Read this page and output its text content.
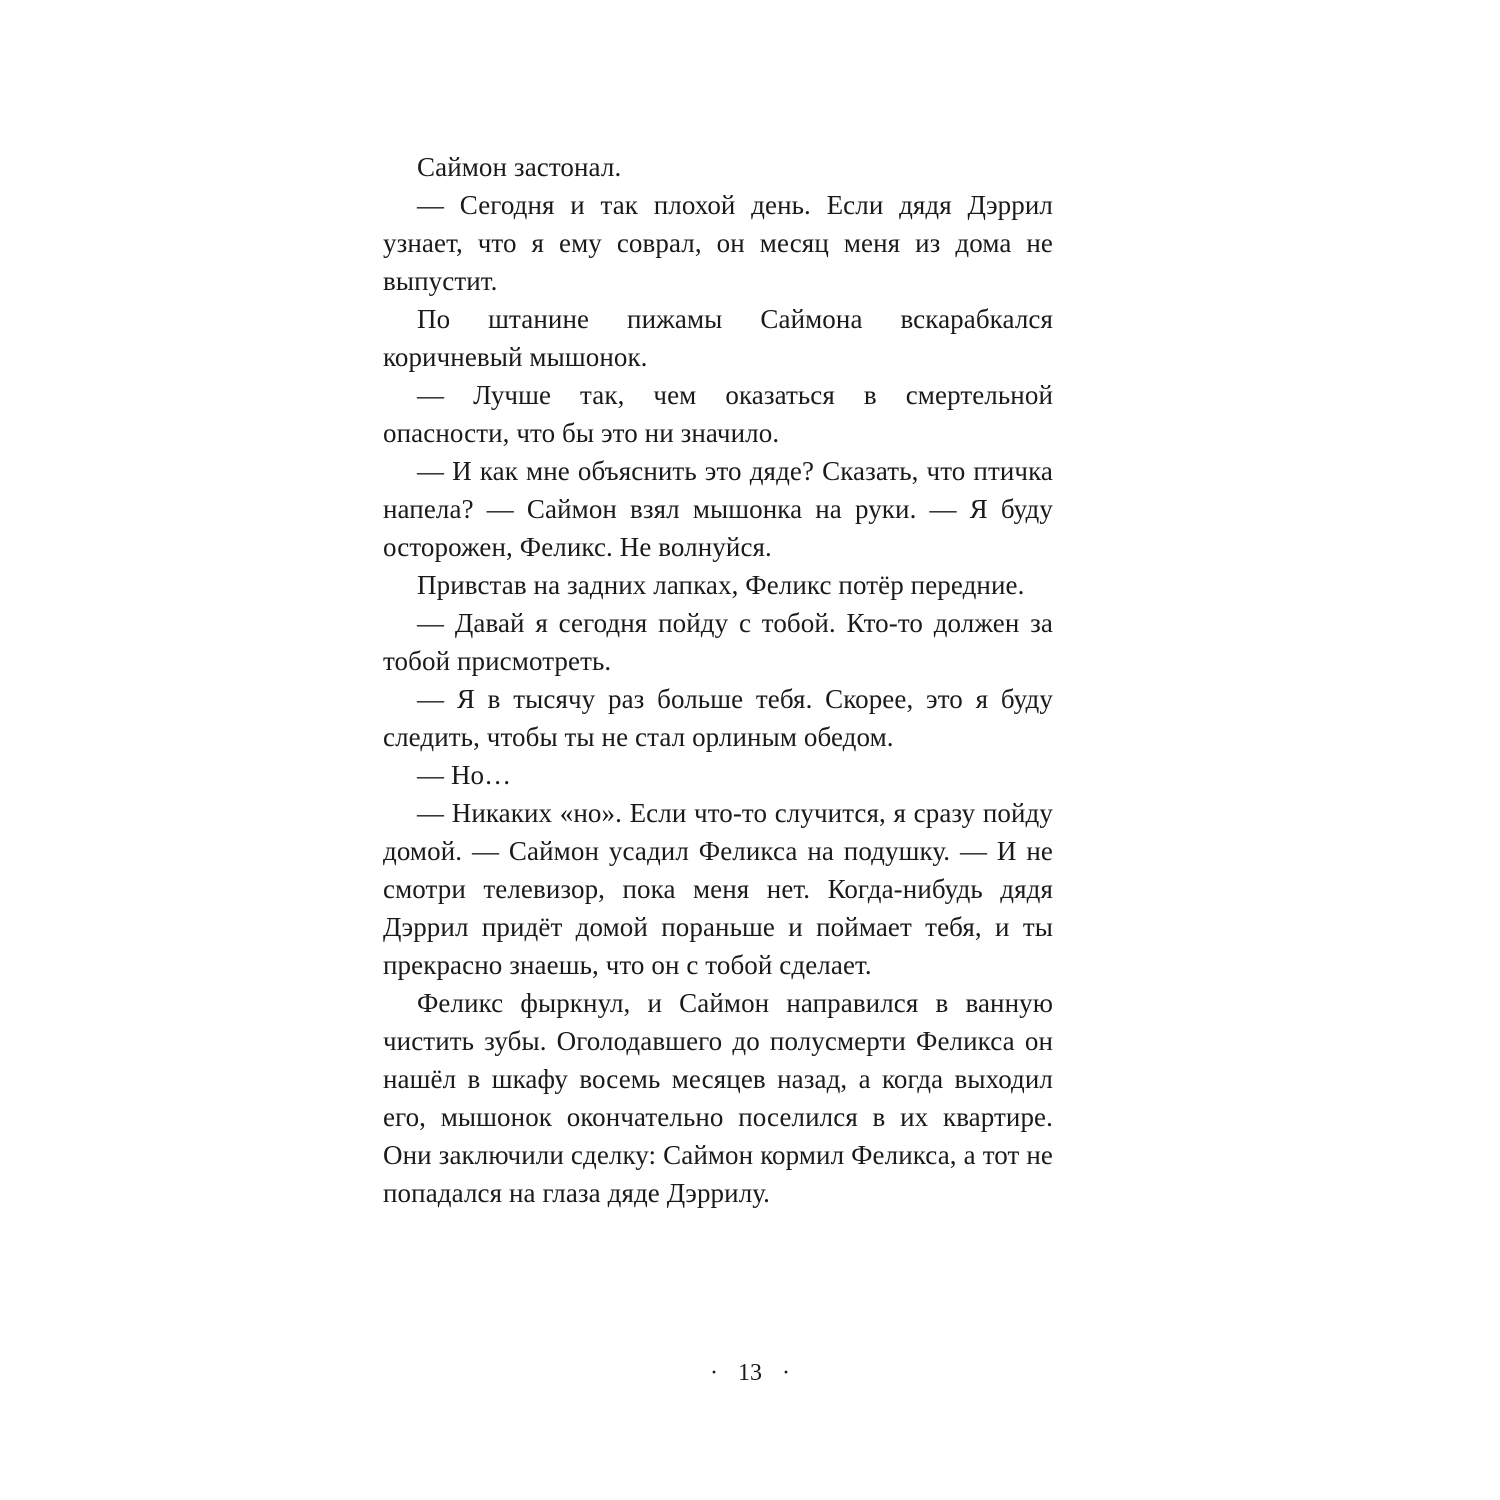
Саймон застонал.

— Сегодня и так плохой день. Если дядя Дэррил узнает, что я ему соврал, он месяц меня из дома не выпустит.

По штанине пижамы Саймона вскарабкался коричневый мышонок.

— Лучше так, чем оказаться в смертельной опасности, что бы это ни значило.

— И как мне объяснить это дяде? Сказать, что птичка напела? — Саймон взял мышонка на руки. — Я буду осторожен, Феликс. Не волнуйся.

Привстав на задних лапках, Феликс потёр передние.

— Давай я сегодня пойду с тобой. Кто-то должен за тобой присмотреть.

— Я в тысячу раз больше тебя. Скорее, это я буду следить, чтобы ты не стал орлиным обедом.

— Но…

— Никаких «но». Если что-то случится, я сразу пойду домой. — Саймон усадил Феликса на подушку. — И не смотри телевизор, пока меня нет. Когда-нибудь дядя Дэррил придёт домой пораньше и поймает тебя, и ты прекрасно знаешь, что он с тобой сделает.

Феликс фыркнул, и Саймон направился в ванную чистить зубы. Оголодавшего до полусмерти Феликса он нашёл в шкафу восемь месяцев назад, а когда выходил его, мышонок окончательно поселился в их квартире. Они заключили сделку: Саймон кормил Феликса, а тот не попадался на глаза дяде Дэррилу.

· 13 ·
